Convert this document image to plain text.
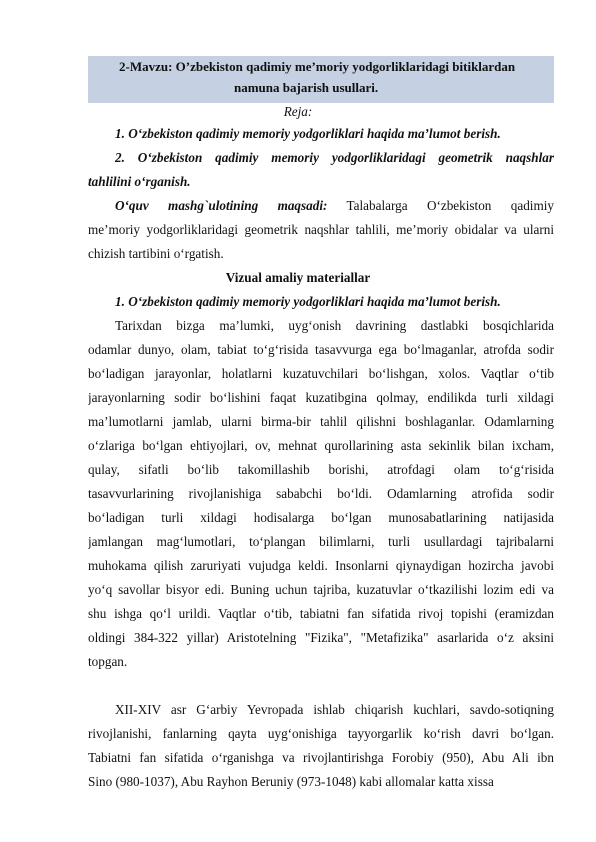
2-Mavzu: O’zbekiston qadimiy me’moriy yodgorliklaridagi bitiklardan
namuna bajarish usullari.
Reja:
1. O‘zbekiston qadimiy memoriy yodgorliklari haqida ma’lumot berish.
2. O‘zbekiston qadimiy memoriy yodgorliklaridagi geometrik naqshlar
tahlilini o‘rganish.
O‘quv mashg`ulotining maqsadi: Talabalarga O‘zbekiston qadimiy
me’moriy yodgorliklaridagi geometrik naqshlar tahlili, me’moriy obidalar va ularni
chizish tartibini o‘rgatish.
Vizual amaliy materiallar
1. O‘zbekiston qadimiy memoriy yodgorliklari haqida ma’lumot berish.
Tarixdan bizga ma’lumki, uyg‘onish davrining dastlabki bosqichlarida
odamlar dunyo, olam, tabiat to‘g‘risida tasavvurga ega bo‘lmaganlar, atrofda sodir
bo‘ladigan jarayonlar, holatlarni kuzatuvchilari bo‘lishgan, xolos. Vaqtlar o‘tib
jarayonlarning sodir bo‘lishini faqat kuzatibgina qolmay, endilikda turli xildagi
ma’lumotlarni jamlab, ularni birma-bir tahlil qilishni boshlaganlar. Odamlarning
o‘zlariga bo‘lgan ehtiyojlari, ov, mehnat qurollarining asta sekinlik bilan ixcham,
qulay, sifatli bo‘lib takomillashib borishi, atrofdagi olam to‘g‘risida
tasavvurlarining rivojlanishiga sababchi bo‘ldi. Odamlarning atrofida sodir
bo‘ladigan turli xildagi hodisalarga bo‘lgan munosabatlarining natijasida
jamlangan mag‘lumotlari, to‘plangan bilimlarni, turli usullardagi tajribalarni
muhokama qilish zaruriyati vujudga keldi. Insonlarni qiynaydigan hozircha javobi
yo‘q savollar bisyor edi. Buning uchun tajriba, kuzatuvlar o‘tkazilishi lozim edi va
shu ishga qo‘l urildi. Vaqtlar o‘tib, tabiatni fan sifatida rivoj topishi (eramizdan
oldingi 384-322 yillar) Aristotelning "Fizika", "Metafizika" asarlarida o‘z aksini
topgan.
XII-XIV asr G‘arbiy Yevropada ishlab chiqarish kuchlari, savdo-sotiqning
rivojlanishi, fanlarning qayta uyg‘onishiga tayyorgarlik ko‘rish davri bo‘lgan.
Tabiatni fan sifatida o‘rganishga va rivojlantirishga Forobiy (950), Abu Ali ibn
Sino (980-1037), Abu Rayhon Beruniy (973-1048) kabi allomalar katta xissa
